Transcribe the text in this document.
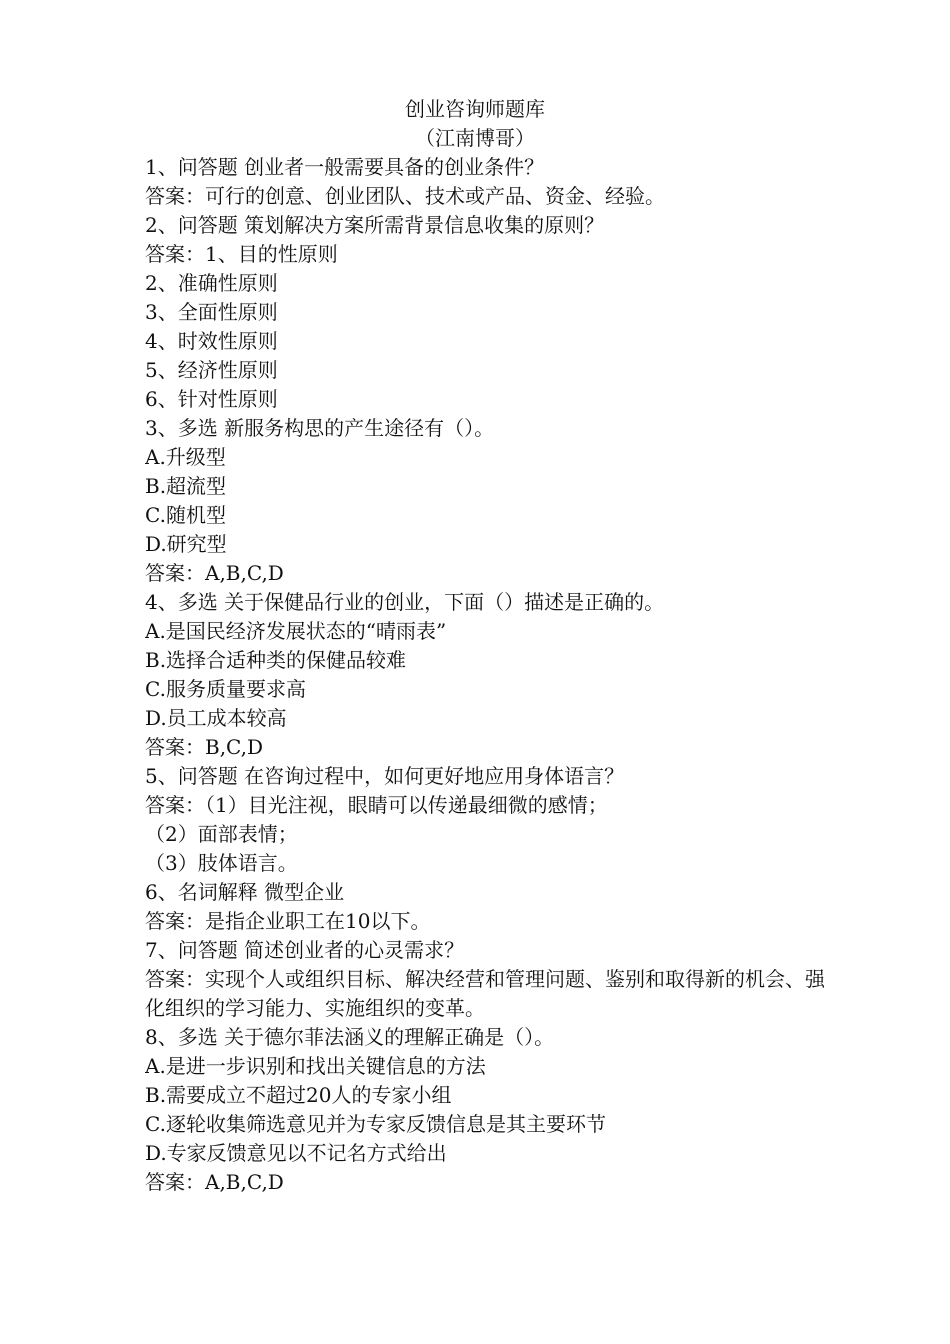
创业咨询师题库
（江南博哥）
1、问答题 创业者一般需要具备的创业条件？
答案：可行的创意、创业团队、技术或产品、资金、经验。
2、问答题 策划解决方案所需背景信息收集的原则？
答案：1、目的性原则
2、准确性原则
3、全面性原则
4、时效性原则
5、经济性原则
6、针对性原则
3、多选 新服务构思的产生途径有（）。
A.升级型
B.超流型
C.随机型
D.研究型
答案：A,B,C,D
4、多选 关于保健品行业的创业，下面（）描述是正确的。
A.是国民经济发展状态的“晴雨表”
B.选择合适种类的保健品较难
C.服务质量要求高
D.员工成本较高
答案：B,C,D
5、问答题 在咨询过程中，如何更好地应用身体语言？
答案：（1）目光注视，眼睛可以传递最细微的感情；
（2）面部表情；
（3）肢体语言。
6、名词解释 微型企业
答案：是指企业职工在10以下。
7、问答题 简述创业者的心灵需求？
答案：实现个人或组织目标、解决经营和管理问题、鉴别和取得新的机会、强化组织的学习能力、实施组织的变革。
8、多选 关于德尔菲法涵义的理解正确是（）。
A.是进一步识别和找出关键信息的方法
B.需要成立不超过20人的专家小组
C.逐轮收集筛选意见并为专家反馈信息是其主要环节
D.专家反馈意见以不记名方式给出
答案：A,B,C,D
